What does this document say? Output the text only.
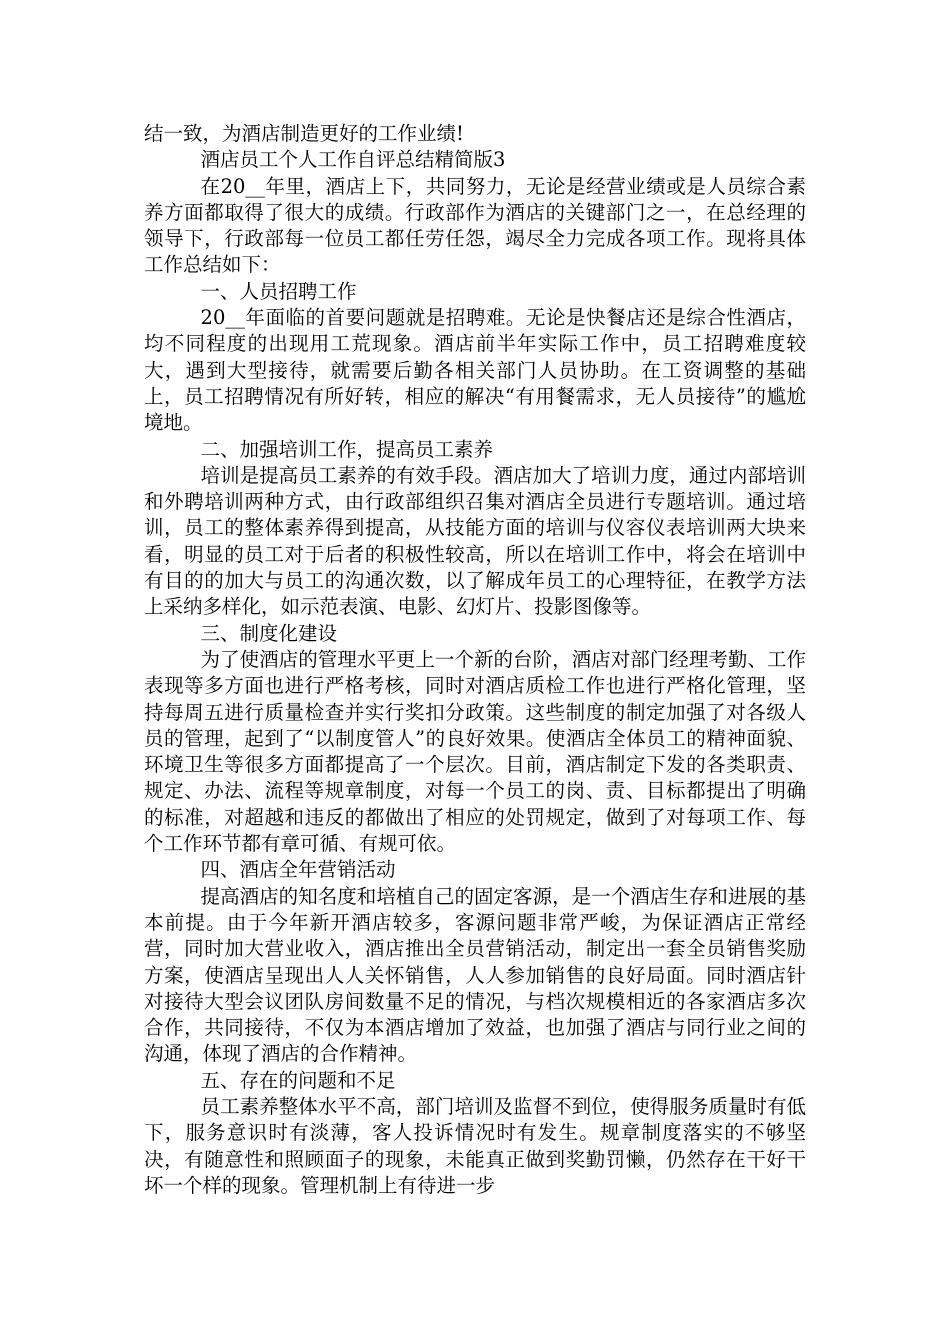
结一致，为酒店制造更好的工作业绩!

酒店员工个人工作自评总结精简版3

在20__年里，酒店上下，共同努力，无论是经营业绩或是人员综合素养方面都取得了很大的成绩。行政部作为酒店的关键部门之一，在总经理的领导下，行政部每一位员工都任劳任怨，竭尽全力完成各项工作。现将具体工作总结如下：

一、人员招聘工作

20__年面临的首要问题就是招聘难。无论是快餐店还是综合性酒店，均不同程度的出现用工荒现象。酒店前半年实际工作中，员工招聘难度较大，遇到大型接待，就需要后勤各相关部门人员协助。在工资调整的基础上，员工招聘情况有所好转，相应的解决“有用餐需求，无人员接待”的尴尬境地。

二、加强培训工作，提高员工素养

培训是提高员工素养的有效手段。酒店加大了培训力度，通过内部培训和外聘培训两种方式，由行政部组织召集对酒店全员进行专题培训。通过培训，员工的整体素养得到提高，从技能方面的培训与仪容仪表培训两大块来看，明显的员工对于后者的积极性较高，所以在培训工作中，将会在培训中有目的的加大与员工的沟通次数，以了解成年员工的心理特征，在教学方法上采纳多样化，如示范表演、电影、幻灯片、投影图像等。

三、制度化建设

为了使酒店的管理水平更上一个新的台阶，酒店对部门经理考勤、工作表现等多方面也进行严格考核，同时对酒店质检工作也进行严格化管理，坚持每周五进行质量检查并实行奖扣分政策。这些制度的制定加强了对各级人员的管理，起到了“以制度管人”的良好效果。使酒店全体员工的精神面貌、环境卫生等很多方面都提高了一个层次。目前，酒店制定下发的各类职责、规定、办法、流程等规章制度，对每一个员工的岗、责、目标都提出了明确的标准，对超越和违反的都做出了相应的处罚规定，做到了对每项工作、每个工作环节都有章可循、有规可依。

四、酒店全年营销活动

提高酒店的知名度和培植自己的固定客源，是一个酒店生存和进展的基本前提。由于今年新开酒店较多，客源问题非常严峻，为保证酒店正常经营，同时加大营业收入，酒店推出全员营销活动，制定出一套全员销售奖励方案，使酒店呈现出人人关怀销售，人人参加销售的良好局面。同时酒店针对接待大型会议团队房间数量不足的情况，与档次规模相近的各家酒店多次合作，共同接待，不仅为本酒店增加了效益，也加强了酒店与同行业之间的沟通，体现了酒店的合作精神。

五、存在的问题和不足

员工素养整体水平不高，部门培训及监督不到位，使得服务质量时有低下，服务意识时有淡薄，客人投诉情况时有发生。规章制度落实的不够坚决，有随意性和照顾面子的现象，未能真正做到奖勤罚懒，仍然存在干好干坏一个样的现象。管理机制上有待进一步
